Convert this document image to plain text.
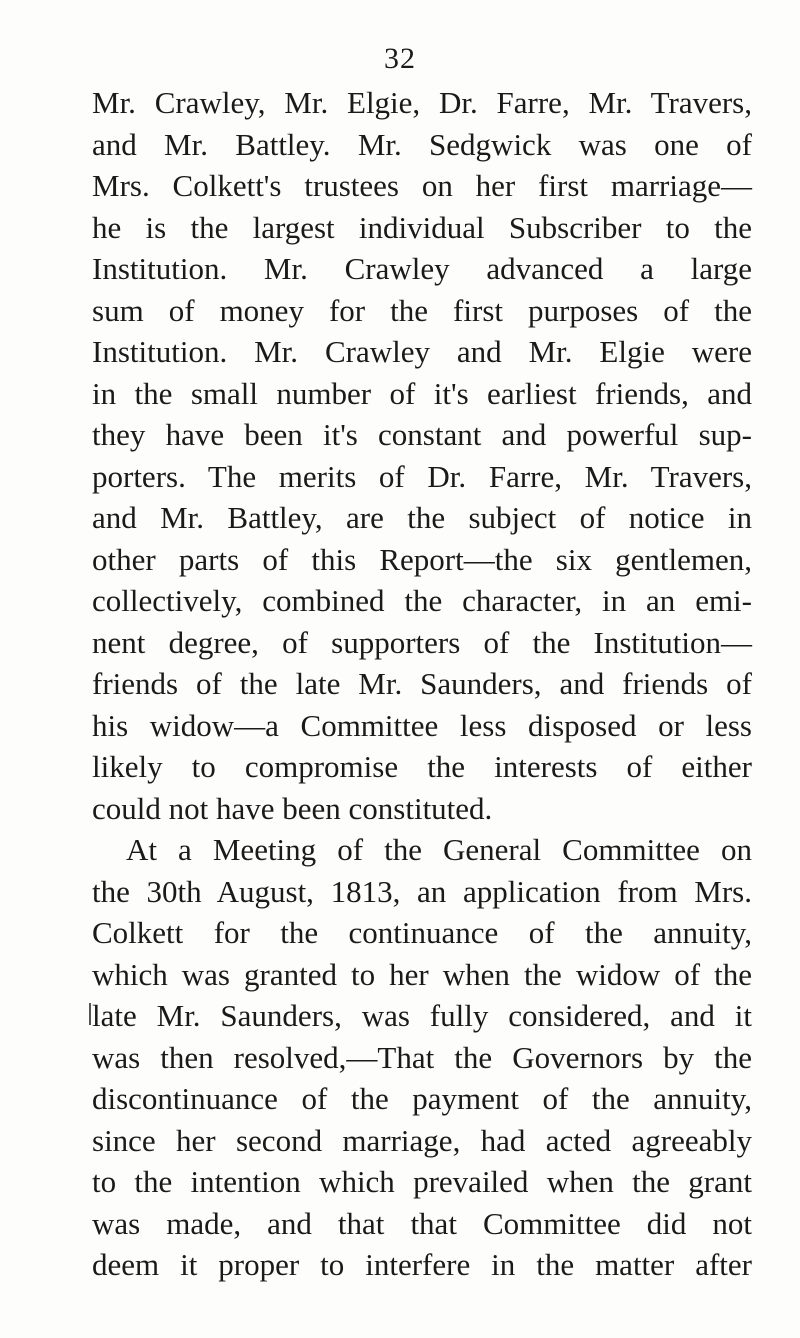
32
Mr. Crawley, Mr. Elgie, Dr. Farre, Mr. Travers,
and Mr. Battley. Mr. Sedgwick was one of
Mrs. Colkett's trustees on her first marriage—
he is the largest individual Subscriber to the
Institution. Mr. Crawley advanced a large
sum of money for the first purposes of the
Institution. Mr. Crawley and Mr. Elgie were
in the small number of it's earliest friends, and
they have been it's constant and powerful sup-
porters. The merits of Dr. Farre, Mr. Travers,
and Mr. Battley, are the subject of notice in
other parts of this Report—the six gentlemen,
collectively, combined the character, in an emi-
nent degree, of supporters of the Institution—
friends of the late Mr. Saunders, and friends of
his widow—a Committee less disposed or less
likely to compromise the interests of either
could not have been constituted.
At a Meeting of the General Committee on
the 30th August, 1813, an application from Mrs.
Colkett for the continuance of the annuity,
which was granted to her when the widow of the
late Mr. Saunders, was fully considered, and it
was then resolved,—That the Governors by the
discontinuance of the payment of the annuity,
since her second marriage, had acted agreeably
to the intention which prevailed when the grant
was made, and that that Committee did not
deem it proper to interfere in the matter after
